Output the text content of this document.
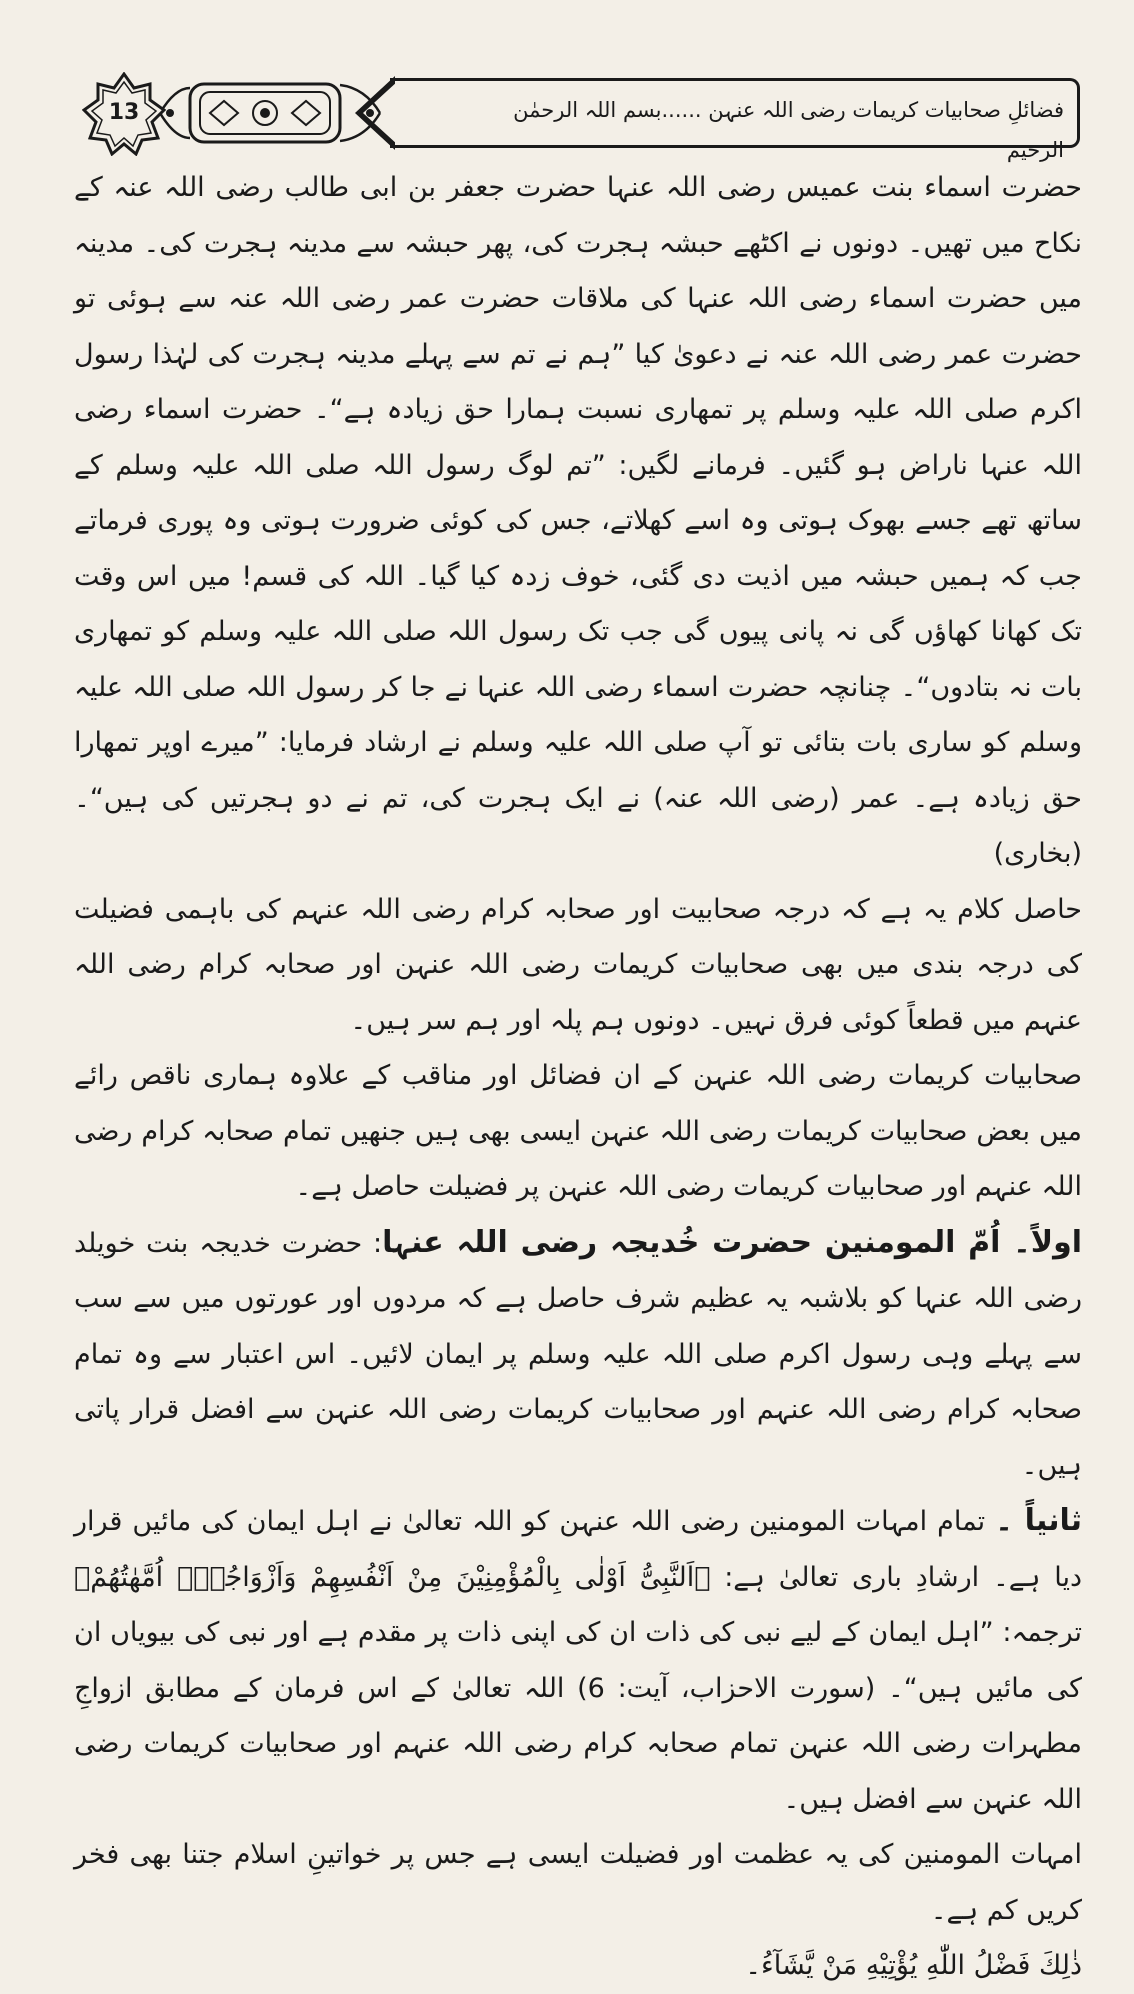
فضائلِ صحابیات کریمات رضی اللہ عنہن ......بسم اللہ الرحمٰن الرحیم
13

حضرت اسماء بنت عمیس رضی اللہ عنہا حضرت جعفر بن ابی طالب رضی اللہ عنہ کے نکاح میں تھیں۔ دونوں نے اکٹھے حبشہ ہجرت کی، پھر حبشہ سے مدینہ ہجرت کی۔ مدینہ میں حضرت اسماء رضی اللہ عنہا کی ملاقات حضرت عمر رضی اللہ عنہ سے ہوئی تو حضرت عمر رضی اللہ عنہ نے دعویٰ کیا ”ہم نے تم سے پہلے مدینہ ہجرت کی لہٰذا رسول اکرم صلی اللہ علیہ وسلم پر تمھاری نسبت ہمارا حق زیادہ ہے“۔ حضرت اسماء رضی اللہ عنہا ناراض ہو گئیں۔ فرمانے لگیں: ”تم لوگ رسول اللہ صلی اللہ علیہ وسلم کے ساتھ تھے جسے بھوک ہوتی وہ اسے کھلاتے، جس کی کوئی ضرورت ہوتی وہ پوری فرماتے جب کہ ہمیں حبشہ میں اذیت دی گئی، خوف زدہ کیا گیا۔ اللہ کی قسم! میں اس وقت تک کھانا کھاؤں گی نہ پانی پیوں گی جب تک رسول اللہ صلی اللہ علیہ وسلم کو تمھاری بات نہ بتادوں“۔ چنانچہ حضرت اسماء رضی اللہ عنہا نے جا کر رسول اللہ صلی اللہ علیہ وسلم کو ساری بات بتائی تو آپ صلی اللہ علیہ وسلم نے ارشاد فرمایا: ”میرے اوپر تمھارا حق زیادہ ہے۔ عمر (رضی اللہ عنہ) نے ایک ہجرت کی، تم نے دو ہجرتیں کی ہیں“۔ (بخاری)

حاصل کلام یہ ہے کہ درجہ صحابیت اور صحابہ کرام رضی اللہ عنہم کی باہمی فضیلت کی درجہ بندی میں بھی صحابیات کریمات رضی اللہ عنہن اور صحابہ کرام رضی اللہ عنہم میں قطعاً کوئی فرق نہیں۔ دونوں ہم پلہ اور ہم سر ہیں۔

صحابیات کریمات رضی اللہ عنہن کے ان فضائل اور مناقب کے علاوہ ہماری ناقص رائے میں بعض صحابیات کریمات رضی اللہ عنہن ایسی بھی ہیں جنھیں تمام صحابہ کرام رضی اللہ عنہم اور صحابیات کریمات رضی اللہ عنہن پر فضیلت حاصل ہے۔

اولاً۔ اُمّ المومنین حضرت خُدیجہ رضی اللہ عنہا: حضرت خدیجہ بنت خویلد رضی اللہ عنہا کو بلاشبہ یہ عظیم شرف حاصل ہے کہ مردوں اور عورتوں میں سے سب سے پہلے وہی رسول اکرم صلی اللہ علیہ وسلم پر ایمان لائیں۔ اس اعتبار سے وہ تمام صحابہ کرام رضی اللہ عنہم اور صحابیات کریمات رضی اللہ عنہن سے افضل قرار پاتی ہیں۔

ثانیاً ۔ تمام امہات المومنین رضی اللہ عنہن کو اللہ تعالیٰ نے اہل ایمان کی مائیں قرار دیا ہے۔ ارشادِ باری تعالیٰ ہے: ﴿اَلنَّبِیُّ اَوْلٰی بِالْمُؤْمِنِیْنَ مِنْ اَنْفُسِهِمْ وَاَزْوَاجُهٗۤ اُمَّهٰتُهُمْ﴾ ترجمہ: ”اہل ایمان کے لیے نبی کی ذات ان کی اپنی ذات پر مقدم ہے اور نبی کی بیویاں ان کی مائیں ہیں“۔ (سورت الاحزاب، آیت: 6) اللہ تعالیٰ کے اس فرمان کے مطابق ازواجِ مطہرات رضی اللہ عنہن تمام صحابہ کرام رضی اللہ عنہم اور صحابیات کریمات رضی اللہ عنہن سے افضل ہیں۔

امہات المومنین کی یہ عظمت اور فضیلت ایسی ہے جس پر خواتینِ اسلام جتنا بھی فخر کریں کم ہے۔

ذٰلِكَ فَضْلُ اللّٰهِ يُؤْتِيْهِ مَنْ يَّشَآءُ۔
